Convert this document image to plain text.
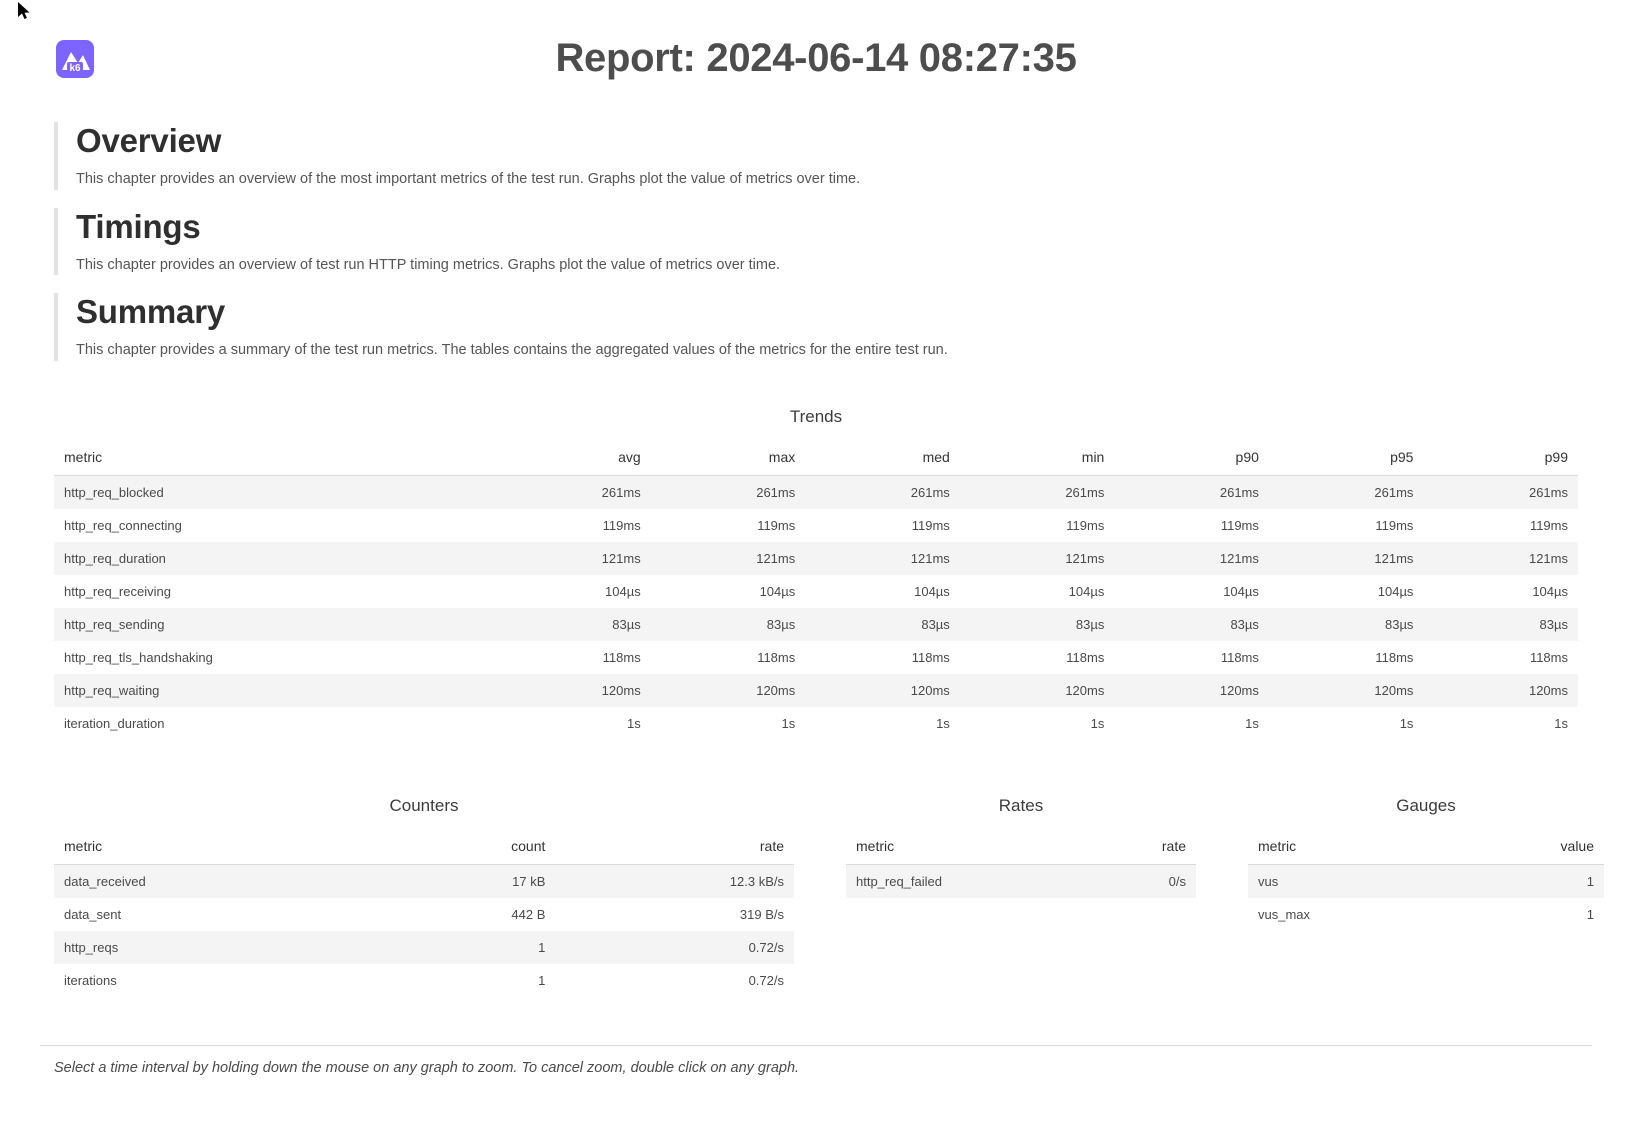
k6	Report: 2024-06-14 08:27:35
Overview

This chapter provides an overview of the most important metrics of the test run. Graphs plot the value of metrics over time.

Timings

This chapter provides an overview of test run HTTP timing metrics. Graphs plot the value of metrics over time.

Summary

This chapter provides a summary of the test run metrics. The tables contains the aggregated values of the metrics for the entire test run.

Trends
metric	avg	max	med	min	p90	p95	p99
http_req_blocked	261ms	261ms	261ms	261ms	261ms	261ms	261ms
http_req_connecting	119ms	119ms	119ms	119ms	119ms	119ms	119ms
http_req_duration	121ms	121ms	121ms	121ms	121ms	121ms	121ms
http_req_receiving	104µs	104µs	104µs	104µs	104µs	104µs	104µs
http_req_sending	83µs	83µs	83µs	83µs	83µs	83µs	83µs
http_req_tls_handshaking	118ms	118ms	118ms	118ms	118ms	118ms	118ms
http_req_waiting	120ms	120ms	120ms	120ms	120ms	120ms	120ms
iteration_duration	1s	1s	1s	1s	1s	1s	1s
Counters
metric	count	rate
data_received	17 kB	12.3 kB/s
data_sent	442 B	319 B/s
http_reqs	1	0.72/s
iterations	1	0.72/s
Rates
metric	rate
http_req_failed	0/s
Gauges
metric	value
vus	1
vus_max	1

Select a time interval by holding down the mouse on any graph to zoom. To cancel zoom, double click on any graph.
